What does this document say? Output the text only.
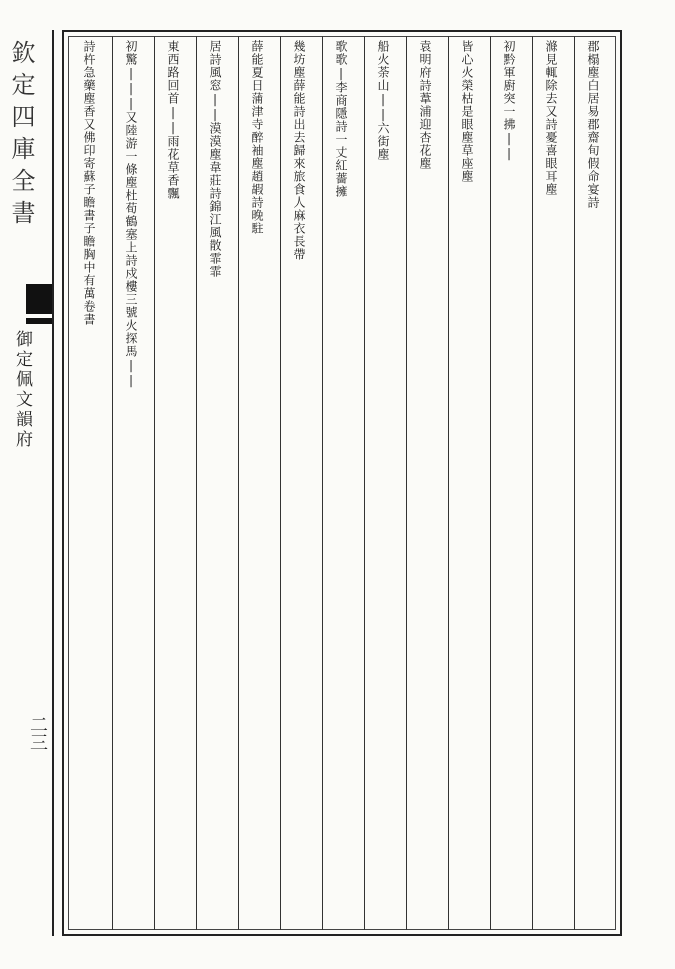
欽定四庫全書
御定佩文韻府
二三
郡榻塵白居易郡齋旬假命宴詩
滌見輒除去又詩憂喜眼耳塵
初黔軍廚突一拂||
皆心火榮枯是眼塵草座塵
袁明府詩葦浦迎杏花塵
船火荼山||六街塵
歌歌|李商隱詩一丈紅薔擁
幾坊塵薛能詩出去歸來旅食人麻衣長帶
薛能夏日蒲津寺醉袖塵趙嘏詩晚駐
居詩風窓||漠漠塵韋莊詩錦江風散霏霏
東西路回首||雨花草香飄
初驚|||又陸游一條塵杜荀鶴塞上詩戍樓三號火探馬||
詩杵急藥塵香又佛印寄蘇子瞻書子瞻胸中有萬卷書
